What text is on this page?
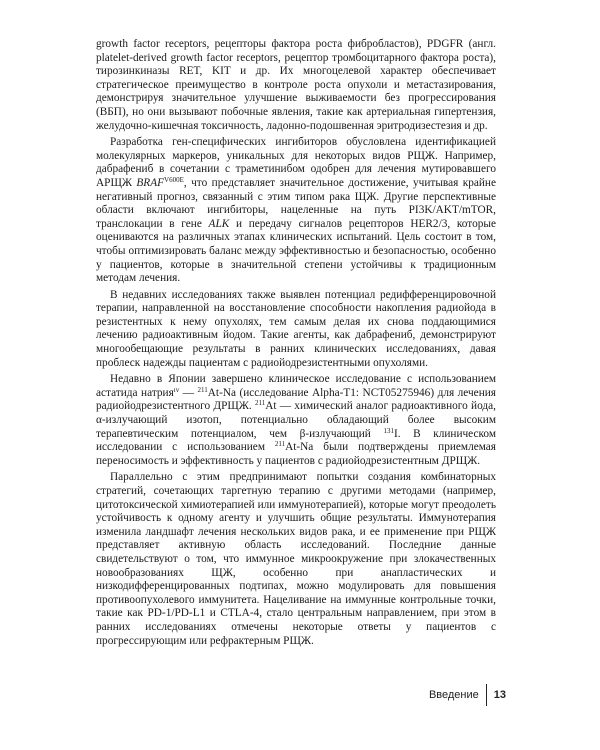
growth factor receptors, рецепторы фактора роста фибробластов), PDGFR (англ. platelet-derived growth factor receptors, рецептор тромбоцитарного фактора роста), тирозинкиназы RET, KIT и др. Их многоцелевой характер обеспечивает стратегическое преимущество в контроле роста опухоли и метастазирования, демонстрируя значительное улучшение выживаемости без прогрессирования (ВБП), но они вызывают побочные явления, такие как артериальная гипертензия, желудочно-кишечная токсичность, ладонно-подошвенная эритродизестезия и др.

Разработка ген-специфических ингибиторов обусловлена идентификацией молекулярных маркеров, уникальных для некоторых видов РЩЖ. Например, дабрафениб в сочетании с траметинибом одобрен для лечения мутировавшего АРЩЖ $BRAF^{V600E}$, что представляет значительное достижение, учитывая крайне негативный прогноз, связанный с этим типом рака ЩЖ. Другие перспективные области включают ингибиторы, нацеленные на путь PI3K/AKT/mTOR, транслокации в гене ALK и передачу сигналов рецепторов HER2/3, которые оцениваются на различных этапах клинических испытаний. Цель состоит в том, чтобы оптимизировать баланс между эффективностью и безопасностью, особенно у пациентов, которые в значительной степени устойчивы к традиционным методам лечения.

В недавних исследованиях также выявлен потенциал редифференцировочной терапии, направленной на восстановление способности накопления радиойода в резистентных к нему опухолях, тем самым делая их снова поддающимися лечению радиоактивным йодом. Такие агенты, как дабрафениб, демонстрируют многообещающие результаты в ранних клинических исследованиях, давая проблеск надежды пациентам с радиойодрезистентными опухолями.

Недавно в Японии завершено клиническое исследование с использованием астатида натрия$^{ıv}$ — $^{211}$At-Na (исследование Alpha-T1: NCT05275946) для лечения радиойодрезистентного ДРЩЖ. $^{211}$At — химический аналог радиоактивного йода, α-излучающий изотоп, потенциально обладающий более высоким терапевтическим потенциалом, чем β-излучающий $^{131}$I. В клиническом исследовании с использованием $^{211}$At-Na были подтверждены приемлемая переносимость и эффективность у пациентов с радиойодрезистентным ДРЩЖ.

Параллельно с этим предпринимают попытки создания комбинаторных стратегий, сочетающих таргетную терапию с другими методами (например, цитотоксической химиотерапией или иммунотерапией), которые могут преодолеть устойчивость к одному агенту и улучшить общие результаты. Иммунотерапия изменила ландшафт лечения нескольких видов рака, и ее применение при РЩЖ представляет активную область исследований. Последние данные свидетельствуют о том, что иммунное микроокружение при злокачественных новообразованиях ЩЖ, особенно при анапластических и низкодифференцированных подтипах, можно модулировать для повышения противоопухолевого иммунитета. Нацеливание на иммунные контрольные точки, такие как PD-1/PD-L1 и CTLA-4, стало центральным направлением, при этом в ранних исследованиях отмечены некоторые ответы у пациентов с прогрессирующим или рефрактерным РЩЖ.

Введение	13
